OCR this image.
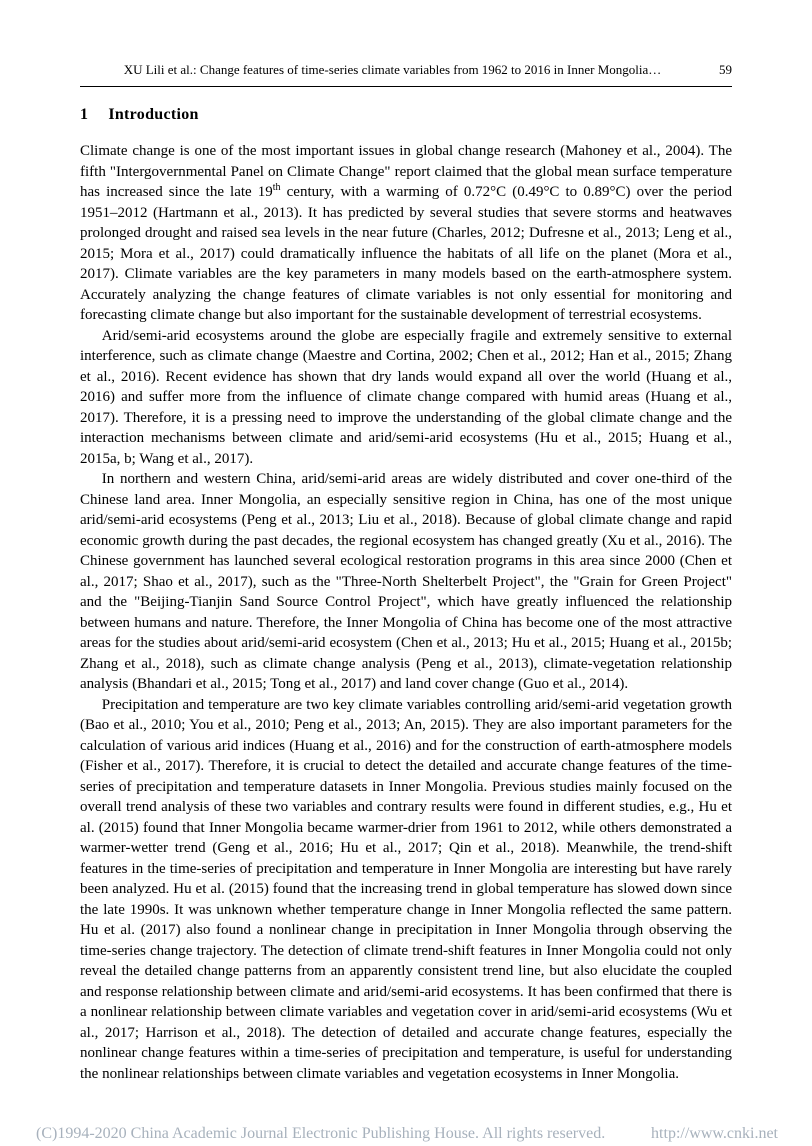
XU Lili et al.: Change features of time-series climate variables from 1962 to 2016 in Inner Mongolia…	59
1 Introduction

Climate change is one of the most important issues in global change research (Mahoney et al., 2004). The fifth "Intergovernmental Panel on Climate Change" report claimed that the global mean surface temperature has increased since the late 19th century, with a warming of 0.72°C (0.49°C to 0.89°C) over the period 1951–2012 (Hartmann et al., 2013). It has predicted by several studies that severe storms and heatwaves prolonged drought and raised sea levels in the near future (Charles, 2012; Dufresne et al., 2013; Leng et al., 2015; Mora et al., 2017) could dramatically influence the habitats of all life on the planet (Mora et al., 2017). Climate variables are the key parameters in many models based on the earth-atmosphere system. Accurately analyzing the change features of climate variables is not only essential for monitoring and forecasting climate change but also important for the sustainable development of terrestrial ecosystems.

Arid/semi-arid ecosystems around the globe are especially fragile and extremely sensitive to external interference, such as climate change (Maestre and Cortina, 2002; Chen et al., 2012; Han et al., 2015; Zhang et al., 2016). Recent evidence has shown that dry lands would expand all over the world (Huang et al., 2016) and suffer more from the influence of climate change compared with humid areas (Huang et al., 2017). Therefore, it is a pressing need to improve the understanding of the global climate change and the interaction mechanisms between climate and arid/semi-arid ecosystems (Hu et al., 2015; Huang et al., 2015a, b; Wang et al., 2017).

In northern and western China, arid/semi-arid areas are widely distributed and cover one-third of the Chinese land area. Inner Mongolia, an especially sensitive region in China, has one of the most unique arid/semi-arid ecosystems (Peng et al., 2013; Liu et al., 2018). Because of global climate change and rapid economic growth during the past decades, the regional ecosystem has changed greatly (Xu et al., 2016). The Chinese government has launched several ecological restoration programs in this area since 2000 (Chen et al., 2017; Shao et al., 2017), such as the "Three-North Shelterbelt Project", the "Grain for Green Project" and the "Beijing-Tianjin Sand Source Control Project", which have greatly influenced the relationship between humans and nature. Therefore, the Inner Mongolia of China has become one of the most attractive areas for the studies about arid/semi-arid ecosystem (Chen et al., 2013; Hu et al., 2015; Huang et al., 2015b; Zhang et al., 2018), such as climate change analysis (Peng et al., 2013), climate-vegetation relationship analysis (Bhandari et al., 2015; Tong et al., 2017) and land cover change (Guo et al., 2014).

Precipitation and temperature are two key climate variables controlling arid/semi-arid vegetation growth (Bao et al., 2010; You et al., 2010; Peng et al., 2013; An, 2015). They are also important parameters for the calculation of various arid indices (Huang et al., 2016) and for the construction of earth-atmosphere models (Fisher et al., 2017). Therefore, it is crucial to detect the detailed and accurate change features of the time-series of precipitation and temperature datasets in Inner Mongolia. Previous studies mainly focused on the overall trend analysis of these two variables and contrary results were found in different studies, e.g., Hu et al. (2015) found that Inner Mongolia became warmer-drier from 1961 to 2012, while others demonstrated a warmer-wetter trend (Geng et al., 2016; Hu et al., 2017; Qin et al., 2018). Meanwhile, the trend-shift features in the time-series of precipitation and temperature in Inner Mongolia are interesting but have rarely been analyzed. Hu et al. (2015) found that the increasing trend in global temperature has slowed down since the late 1990s. It was unknown whether temperature change in Inner Mongolia reflected the same pattern. Hu et al. (2017) also found a nonlinear change in precipitation in Inner Mongolia through observing the time-series change trajectory. The detection of climate trend-shift features in Inner Mongolia could not only reveal the detailed change patterns from an apparently consistent trend line, but also elucidate the coupled and response relationship between climate and arid/semi-arid ecosystems. It has been confirmed that there is a nonlinear relationship between climate variables and vegetation cover in arid/semi-arid ecosystems (Wu et al., 2017; Harrison et al., 2018). The detection of detailed and accurate change features, especially the nonlinear change features within a time-series of precipitation and temperature, is useful for understanding the nonlinear relationships between climate variables and vegetation ecosystems in Inner Mongolia.

(C)1994-2020 China Academic Journal Electronic Publishing House. All rights reserved.	http://www.cnki.net
